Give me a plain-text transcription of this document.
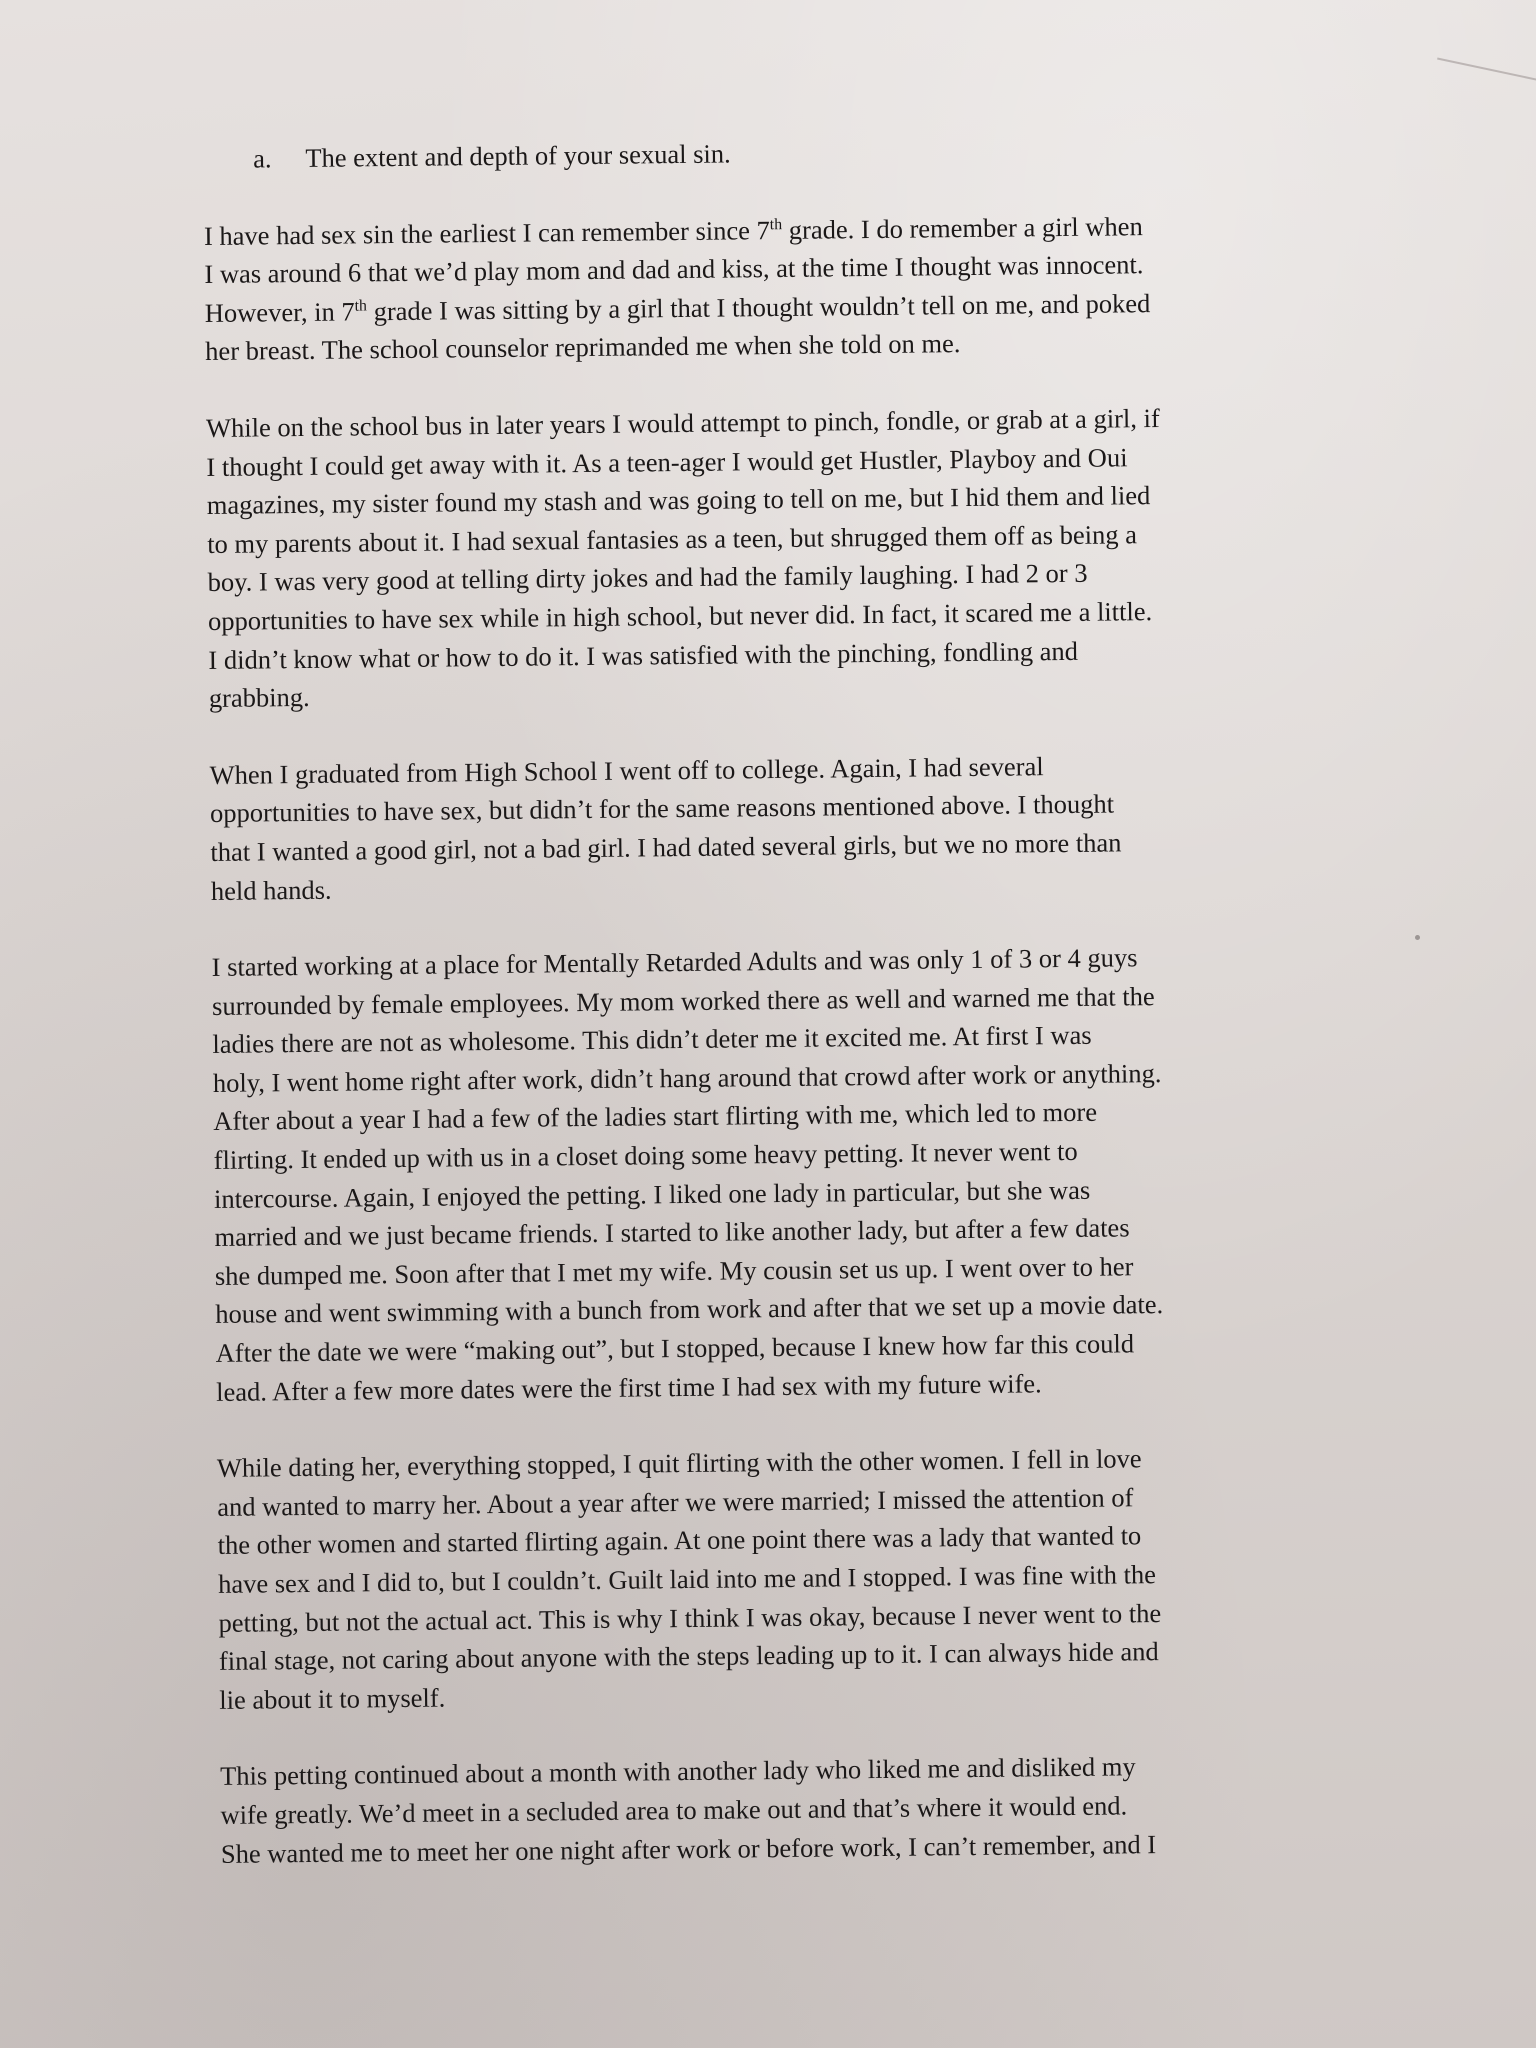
a. The extent and depth of your sexual sin.
I have had sex sin the earliest I can remember since 7th grade. I do remember a girl when
I was around 6 that we’d play mom and dad and kiss, at the time I thought was innocent.
However, in 7th grade I was sitting by a girl that I thought wouldn’t tell on me, and poked
her breast. The school counselor reprimanded me when she told on me.
While on the school bus in later years I would attempt to pinch, fondle, or grab at a girl, if
I thought I could get away with it. As a teen-ager I would get Hustler, Playboy and Oui
magazines, my sister found my stash and was going to tell on me, but I hid them and lied
to my parents about it. I had sexual fantasies as a teen, but shrugged them off as being a
boy. I was very good at telling dirty jokes and had the family laughing. I had 2 or 3
opportunities to have sex while in high school, but never did. In fact, it scared me a little.
I didn’t know what or how to do it. I was satisfied with the pinching, fondling and
grabbing.
When I graduated from High School I went off to college. Again, I had several
opportunities to have sex, but didn’t for the same reasons mentioned above. I thought
that I wanted a good girl, not a bad girl. I had dated several girls, but we no more than
held hands.
I started working at a place for Mentally Retarded Adults and was only 1 of 3 or 4 guys
surrounded by female employees. My mom worked there as well and warned me that the
ladies there are not as wholesome. This didn’t deter me it excited me. At first I was
holy, I went home right after work, didn’t hang around that crowd after work or anything.
After about a year I had a few of the ladies start flirting with me, which led to more
flirting. It ended up with us in a closet doing some heavy petting. It never went to
intercourse. Again, I enjoyed the petting. I liked one lady in particular, but she was
married and we just became friends. I started to like another lady, but after a few dates
she dumped me. Soon after that I met my wife. My cousin set us up. I went over to her
house and went swimming with a bunch from work and after that we set up a movie date.
After the date we were “making out”, but I stopped, because I knew how far this could
lead. After a few more dates were the first time I had sex with my future wife.
While dating her, everything stopped, I quit flirting with the other women. I fell in love
and wanted to marry her. About a year after we were married; I missed the attention of
the other women and started flirting again. At one point there was a lady that wanted to
have sex and I did to, but I couldn’t. Guilt laid into me and I stopped. I was fine with the
petting, but not the actual act. This is why I think I was okay, because I never went to the
final stage, not caring about anyone with the steps leading up to it. I can always hide and
lie about it to myself.
This petting continued about a month with another lady who liked me and disliked my
wife greatly. We’d meet in a secluded area to make out and that’s where it would end.
She wanted me to meet her one night after work or before work, I can’t remember, and I
